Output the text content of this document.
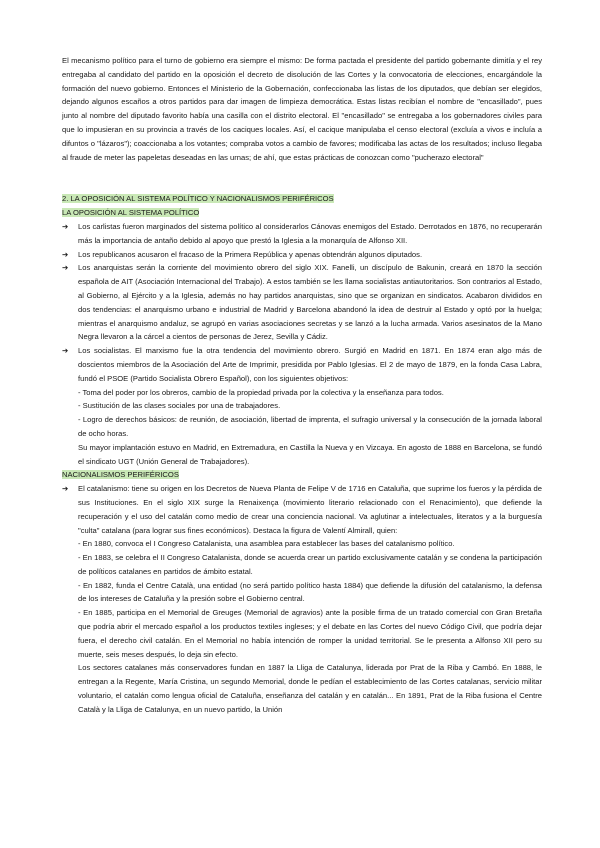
El mecanismo político para el turno de gobierno era siempre el mismo: De forma pactada el presidente del partido gobernante dimitía y el rey entregaba al candidato del partido en la oposición el decreto de disolución de las Cortes y la convocatoria de elecciones, encargándole la formación del nuevo gobierno. Entonces el Ministerio de la Gobernación, confeccionaba las listas de los diputados, que debían ser elegidos, dejando algunos escaños a otros partidos para dar imagen de limpieza democrática. Estas listas recibían el nombre de "encasillado", pues junto al nombre del diputado favorito había una casilla con el distrito electoral. El "encasillado" se entregaba a los gobernadores civiles para que lo impusieran en su provincia a través de los caciques locales. Así, el cacique manipulaba el censo electoral (excluía a vivos e incluía a difuntos o "lázaros"); coaccionaba a los votantes; compraba votos a cambio de favores; modificaba las actas de los resultados; incluso llegaba al fraude de meter las papeletas deseadas en las urnas; de ahí, que estas prácticas de conozcan como "pucherazo electoral"

2. LA OPOSICIÓN AL SISTEMA POLÍTICO Y NACIONALISMOS PERIFÉRICOS

LA OPOSICIÓN AL SISTEMA POLÍTICO

➔ Los carlistas fueron marginados del sistema político al considerarlos Cánovas enemigos del Estado. Derrotados en 1876, no recuperarán más la importancia de antaño debido al apoyo que prestó la Iglesia a la monarquía de Alfonso XII.
➔ Los republicanos acusaron el fracaso de la Primera República y apenas obtendrán algunos diputados.
➔ Los anarquistas serán la corriente del movimiento obrero del siglo XIX. Fanelli, un discípulo de Bakunin, creará en 1870 la sección española de AIT (Asociación Internacional del Trabajo). A estos también se les llama socialistas antiautoritarios. Son contrarios al Estado, al Gobierno, al Ejército y a la Iglesia, además no hay partidos anarquistas, sino que se organizan en sindicatos. Acabaron divididos en dos tendencias: el anarquismo urbano e industrial de Madrid y Barcelona abandonó la idea de destruir al Estado y optó por la huelga; mientras el anarquismo andaluz, se agrupó en varias asociaciones secretas y se lanzó a la lucha armada. Varios asesinatos de la Mano Negra llevaron a la cárcel a cientos de personas de Jerez, Sevilla y Cádiz.
➔ Los socialistas. El marxismo fue la otra tendencia del movimiento obrero. Surgió en Madrid en 1871. En 1874 eran algo más de doscientos miembros de la Asociación del Arte de Imprimir, presidida por Pablo Iglesias. El 2 de mayo de 1879, en la fonda Casa Labra, fundó el PSOE (Partido Socialista Obrero Español), con los siguientes objetivos:

- Toma del poder por los obreros, cambio de la propiedad privada por la colectiva y la enseñanza para todos.

- Sustitución de las clases sociales por una de trabajadores.

- Logro de derechos básicos: de reunión, de asociación, libertad de imprenta, el sufragio universal y la consecución de la jornada laboral de ocho horas.

Su mayor implantación estuvo en Madrid, en Extremadura, en Castilla la Nueva y en Vizcaya. En agosto de 1888 en Barcelona, se fundó el sindicato UGT (Unión General de Trabajadores).

NACIONALISMOS PERIFÉRICOS

➔ El catalanismo: tiene su origen en los Decretos de Nueva Planta de Felipe V de 1716 en Cataluña, que suprime los fueros y la pérdida de sus Instituciones. En el siglo XIX surge la Renaixença (movimiento literario relacionado con el Renacimiento), que defiende la recuperación y el uso del catalán como medio de crear una conciencia nacional. Va aglutinar a intelectuales, literatos y a la burguesía "culta" catalana (para lograr sus fines económicos). Destaca la figura de Valentí Almirall, quien:

- En 1880, convoca el I Congreso Catalanista, una asamblea para establecer las bases del catalanismo político.

- En 1883, se celebra el II Congreso Catalanista, donde se acuerda crear un partido exclusivamente catalán y se condena la participación de políticos catalanes en partidos de ámbito estatal.

- En 1882, funda el Centre Català, una entidad (no será partido político hasta 1884) que defiende la difusión del catalanismo, la defensa de los intereses de Cataluña y la presión sobre el Gobierno central.

- En 1885, participa en el Memorial de Greuges (Memorial de agravios) ante la posible firma de un tratado comercial con Gran Bretaña que podría abrir el mercado español a los productos textiles ingleses; y el debate en las Cortes del nuevo Código Civil, que podría dejar fuera, el derecho civil catalán. En el Memorial no había intención de romper la unidad territorial. Se le presenta a Alfonso XII pero su muerte, seis meses después, lo deja sin efecto.

Los sectores catalanes más conservadores fundan en 1887 la Lliga de Catalunya, liderada por Prat de la Riba y Cambó. En 1888, le entregan a la Regente, María Cristina, un segundo Memorial, donde le pedían el establecimiento de las Cortes catalanas, servicio militar voluntario, el catalán como lengua oficial de Cataluña, enseñanza del catalán y en catalán... En 1891, Prat de la Riba fusiona el Centre Català y la Lliga de Catalunya, en un nuevo partido, la Unión
